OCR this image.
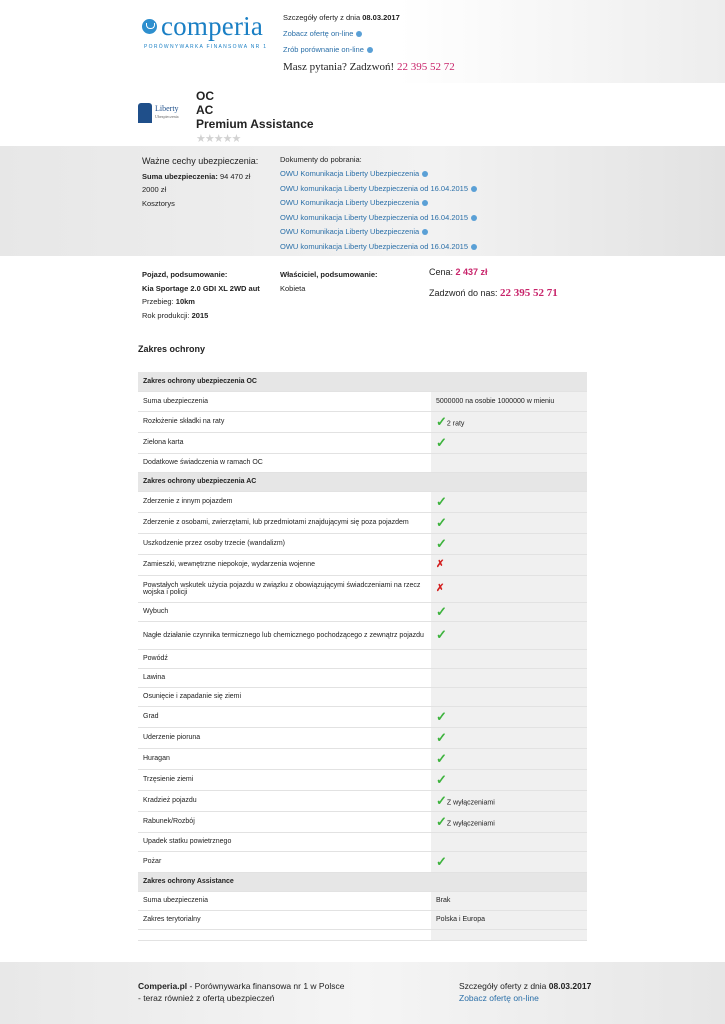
comperia
PORÓWNYWARKA FINANSOWA NR 1
Szczegóły oferty z dnia 08.03.2017
Zobacz ofertę on-line
Zrób porównanie on-line
Masz pytania? Zadzwoń! 22 395 52 72
Liberty
Ubezpieczenia
OC
AC
Premium Assistance
★★★★★
Ważne cechy ubezpieczenia:
Suma ubezpieczenia: 94 470 zł
2000 zł
Kosztorys
Dokumenty do pobrania:
OWU Komunikacja Liberty Ubezpieczenia
OWU komunikacja Liberty Ubezpieczenia od 16.04.2015
OWU Komunikacja Liberty Ubezpieczenia
OWU komunikacja Liberty Ubezpieczenia od 16.04.2015
OWU Komunikacja Liberty Ubezpieczenia
OWU komunikacja Liberty Ubezpieczenia od 16.04.2015
Pojazd, podsumowanie:
Kia Sportage 2.0 GDI XL 2WD aut
Przebieg: 10km
Rok produkcji: 2015
Właściciel, podsumowanie:
Kobieta
Cena: 2 437 zł
Zadzwoń do nas: 22 395 52 71
Zakres ochrony
Zakres ochrony ubezpieczenia OC	
Suma ubezpieczenia	5000000 na osobie 1000000 w mieniu
Rozłożenie składki na raty	✓2 raty
Zielona karta	✓
Dodatkowe świadczenia w ramach OC	
Zakres ochrony ubezpieczenia AC	
Zderzenie z innym pojazdem	✓
Zderzenie z osobami, zwierzętami, lub przedmiotami znajdującymi się poza pojazdem	✓
Uszkodzenie przez osoby trzecie (wandalizm)	✓
Zamieszki, wewnętrzne niepokoje, wydarzenia wojenne	✗
Powstałych wskutek użycia pojazdu w związku z obowiązującymi świadczeniami na rzecz wojska i policji	✗
Wybuch	✓
Nagłe działanie czynnika termicznego lub chemicznego pochodzącego z zewnątrz pojazdu	✓
Powódź	
Lawina	
Osunięcie i zapadanie się ziemi	
Grad	✓
Uderzenie pioruna	✓
Huragan	✓
Trzęsienie ziemi	✓
Kradzież pojazdu	✓Z wyłączeniami
Rabunek/Rozbój	✓Z wyłączeniami
Upadek statku powietrznego	
Pożar	✓
Zakres ochrony Assistance	
Suma ubezpieczenia	Brak
Zakres terytorialny	Polska i Europa

Comperia.pl - Porównywarka finansowa nr 1 w Polsce
- teraz również z ofertą ubezpieczeń
Szczegóły oferty z dnia 08.03.2017
Zobacz ofertę on-line
